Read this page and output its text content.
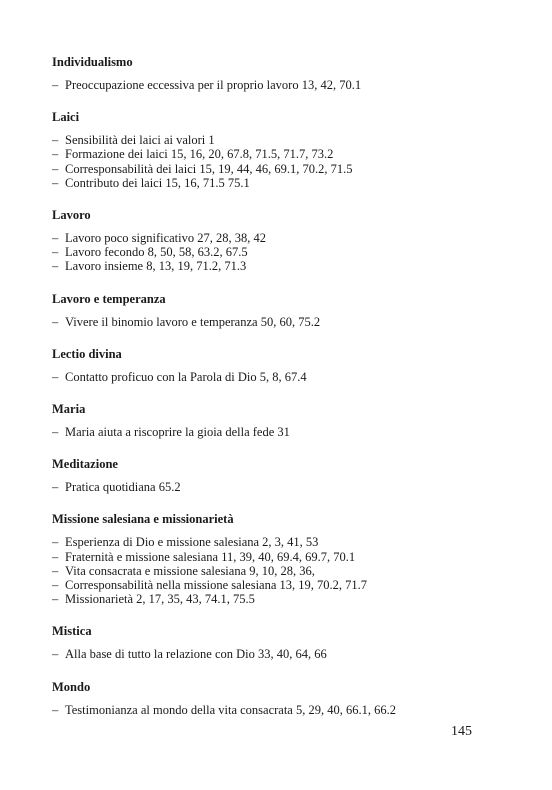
Individualismo
– Preoccupazione eccessiva per il proprio lavoro 13, 42, 70.1
Laici
– Sensibilità dei laici ai valori 1
– Formazione dei laici 15, 16, 20, 67.8, 71.5, 71.7, 73.2
– Corresponsabilità dei laici 15, 19, 44, 46, 69.1, 70.2, 71.5
– Contributo dei laici 15, 16, 71.5 75.1
Lavoro
– Lavoro poco significativo 27, 28, 38, 42
– Lavoro fecondo 8, 50, 58, 63.2, 67.5
– Lavoro insieme 8, 13, 19, 71.2, 71.3
Lavoro e temperanza
– Vivere il binomio lavoro e temperanza 50, 60, 75.2
Lectio divina
– Contatto proficuo con la Parola di Dio 5, 8, 67.4
Maria
– Maria aiuta a riscoprire la gioia della fede 31
Meditazione
– Pratica quotidiana 65.2
Missione salesiana e missionarietà
– Esperienza di Dio e missione salesiana 2, 3, 41, 53
– Fraternità e missione salesiana 11, 39, 40, 69.4, 69.7, 70.1
– Vita consacrata e missione salesiana 9, 10, 28, 36,
– Corresponsabilità nella missione salesiana 13, 19, 70.2, 71.7
– Missionarietà 2, 17, 35, 43, 74.1, 75.5
Mistica
– Alla base di tutto la relazione con Dio 33, 40, 64, 66
Mondo
– Testimonianza al mondo della vita consacrata 5, 29, 40, 66.1, 66.2
145
